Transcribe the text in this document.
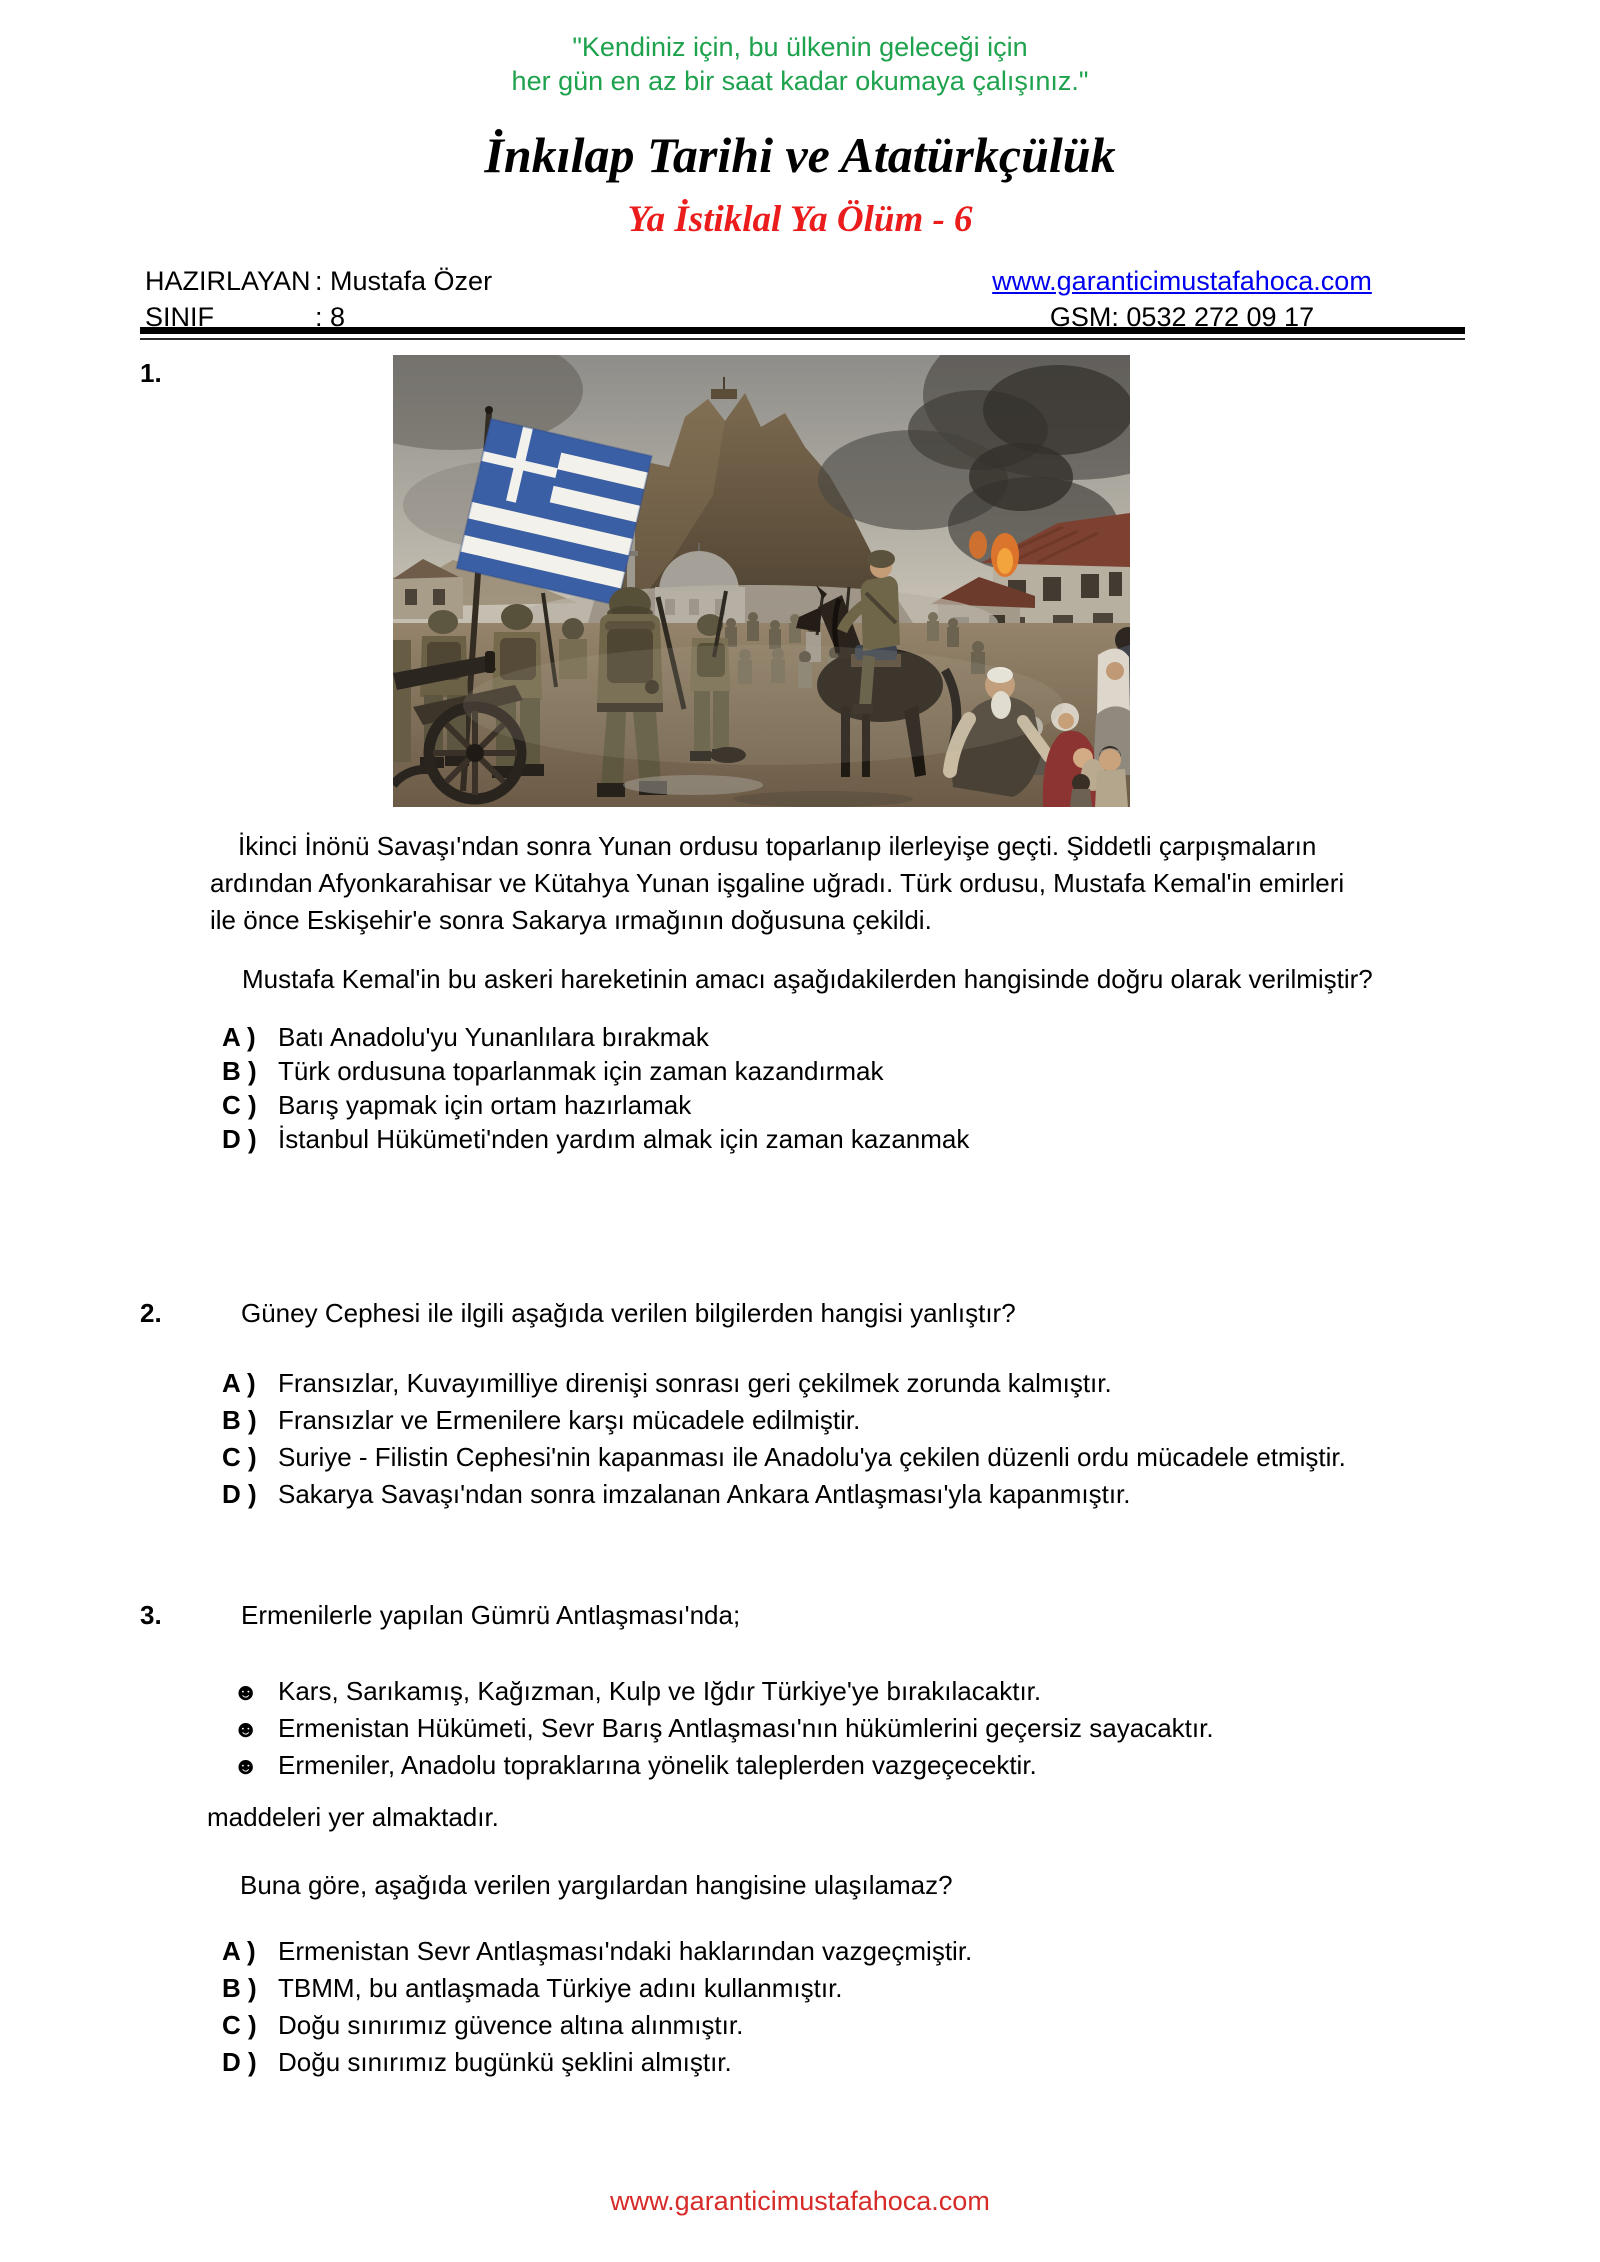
"Kendiniz için, bu ülkenin geleceği için
her gün en az bir saat kadar okumaya çalışınız."
İnkılap Tarihi ve Atatürkçülük
Ya İstiklal Ya Ölüm - 6
HAZIRLAYAN : Mustafa Özer	www.garanticimustafahoca.com
SINIF	: 8	GSM: 0532 272 09 17
1.
İkinci İnönü Savaşı'ndan sonra Yunan ordusu toparlanıp ilerleyişe geçti. Şiddetli çarpışmaların
ardından Afyonkarahisar ve Kütahya Yunan işgaline uğradı. Türk ordusu, Mustafa Kemal'in emirleri
ile önce Eskişehir'e sonra Sakarya ırmağının doğusuna çekildi.
Mustafa Kemal'in bu askeri hareketinin amacı aşağıdakilerden hangisinde doğru olarak verilmiştir?
A ) Batı Anadolu'yu Yunanlılara bırakmak
B ) Türk ordusuna toparlanmak için zaman kazandırmak
C ) Barış yapmak için ortam hazırlamak
D ) İstanbul Hükümeti'nden yardım almak için zaman kazanmak
2.	Güney Cephesi ile ilgili aşağıda verilen bilgilerden hangisi yanlıştır?
A ) Fransızlar, Kuvayımilliye direnişi sonrası geri çekilmek zorunda kalmıştır.
B ) Fransızlar ve Ermenilere karşı mücadele edilmiştir.
C ) Suriye - Filistin Cephesi'nin kapanması ile Anadolu'ya çekilen düzenli ordu mücadele etmiştir.
D ) Sakarya Savaşı'ndan sonra imzalanan Ankara Antlaşması'yla kapanmıştır.
3.	Ermenilerle yapılan Gümrü Antlaşması'nda;
☻ Kars, Sarıkamış, Kağızman, Kulp ve Iğdır Türkiye'ye bırakılacaktır.
☻ Ermenistan Hükümeti, Sevr Barış Antlaşması'nın hükümlerini geçersiz sayacaktır.
☻ Ermeniler, Anadolu topraklarına yönelik taleplerden vazgeçecektir.
maddeleri yer almaktadır.
Buna göre, aşağıda verilen yargılardan hangisine ulaşılamaz?
A ) Ermenistan Sevr Antlaşması'ndaki haklarından vazgeçmiştir.
B ) TBMM, bu antlaşmada Türkiye adını kullanmıştır.
C ) Doğu sınırımız güvence altına alınmıştır.
D ) Doğu sınırımız bugünkü şeklini almıştır.
www.garanticimustafahoca.com
